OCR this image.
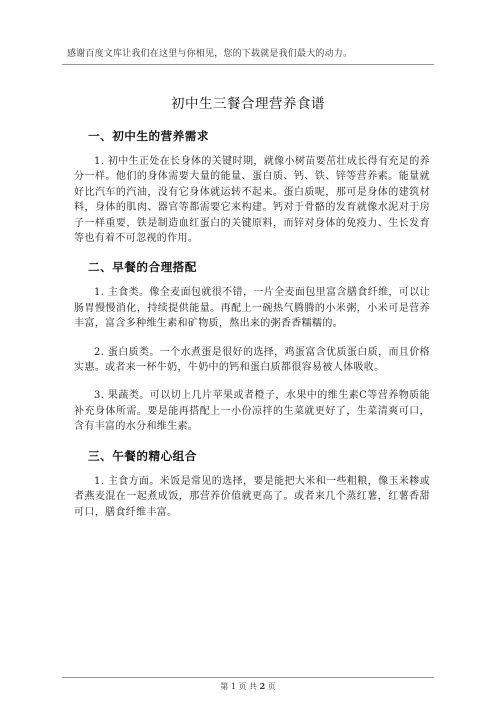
感谢百度文库让我们在这里与你相见，您的下载就是我们最大的动力。
初中生三餐合理营养食谱
一、初中生的营养需求

1. 初中生正处在长身体的关键时期，就像小树苗要茁壮成长得有充足的养分一样。他们的身体需要大量的能量、蛋白质、钙、铁、锌等营养素。能量就好比汽车的汽油，没有它身体就运转不起来。蛋白质呢，那可是身体的建筑材料，身体的肌肉、器官等都需要它来构建。钙对于骨骼的发育就像水泥对于房子一样重要，铁是制造血红蛋白的关键原料，而锌对身体的免疫力、生长发育等也有着不可忽视的作用。

二、早餐的合理搭配

1. 主食类。像全麦面包就很不错，一片全麦面包里富含膳食纤维，可以让肠胃慢慢消化，持续提供能量。再配上一碗热气腾腾的小米粥，小米可是营养丰富，富含多种维生素和矿物质，熬出来的粥香香糯糯的。

2. 蛋白质类。一个水煮蛋是很好的选择，鸡蛋富含优质蛋白质，而且价格实惠。或者来一杯牛奶，牛奶中的钙和蛋白质都很容易被人体吸收。

3. 果蔬类。可以切上几片苹果或者橙子，水果中的维生素C等营养物质能补充身体所需。要是能再搭配上一小份凉拌的生菜就更好了，生菜清爽可口，含有丰富的水分和维生素。

三、午餐的精心组合

1. 主食方面。米饭是常见的选择，要是能把大米和一些粗粮，像玉米糁或者燕麦混在一起煮成饭，那营养价值就更高了。或者来几个蒸红薯，红薯香甜可口，膳食纤维丰富。

第 1 页 共 2 页
